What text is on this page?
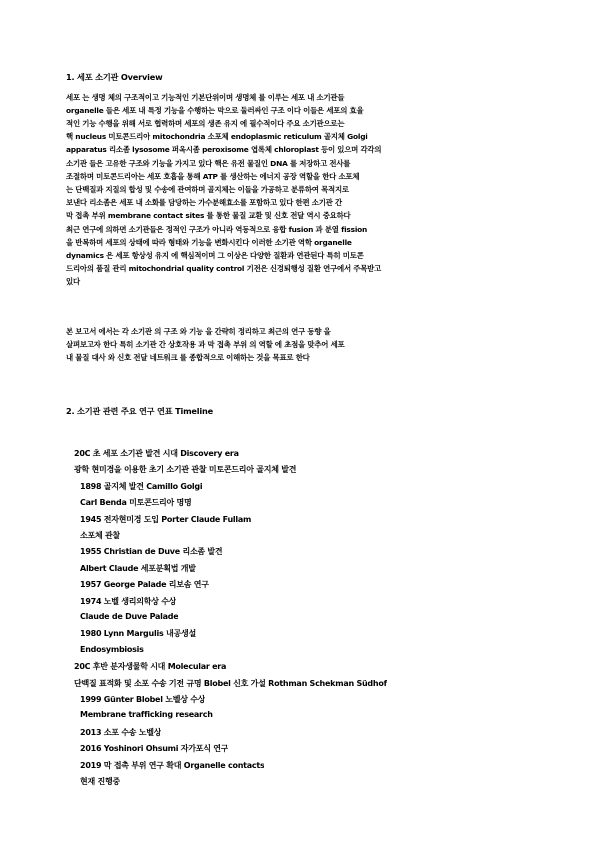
1. 세포 소기관 Overview
세포 는 생명 체의 구조적이고 기능적인 기본단위이며 생명체 를 이루는 세포 내 소기관들
organelle 들은 세포 내 특정 기능을 수행하는 막으로 둘러싸인 구조 이다 이들은 세포의 효율
적인 기능 수행을 위해 서로 협력하며 세포의 생존 유지 에 필수적이다 주요 소기관으로는
핵 nucleus 미토콘드리아 mitochondria 소포체 endoplasmic reticulum 골지체 Golgi
apparatus 리소좀 lysosome 퍼옥시좀 peroxisome 엽록체 chloroplast 등이 있으며 각각의
소기관 들은 고유한 구조와 기능을 가지고 있다 핵은 유전 물질인 DNA 를 저장하고 전사를
조절하며 미토콘드리아는 세포 호흡을 통해 ATP 를 생산하는 에너지 공장 역할을 한다 소포체
는 단백질과 지질의 합성 및 수송에 관여하며 골지체는 이들을 가공하고 분류하여 목적지로
보낸다 리소좀은 세포 내 소화를 담당하는 가수분해효소를 포함하고 있다 한편 소기관 간
막 접촉 부위 membrane contact sites 를 통한 물질 교환 및 신호 전달 역시 중요하다
최근 연구에 의하면 소기관들은 정적인 구조가 아니라 역동적으로 융합 fusion 과 분열 fission
을 반복하며 세포의 상태에 따라 형태와 기능을 변화시킨다 이러한 소기관 역학 organelle
dynamics 은 세포 항상성 유지 에 핵심적이며 그 이상은 다양한 질환과 연관된다 특히 미토콘
드리아의 품질 관리 mitochondrial quality control 기전은 신경퇴행성 질환 연구에서 주목받고
있다
본 보고서 에서는 각 소기관 의 구조 와 기능 을 간략히 정리하고 최근의 연구 동향 을
살펴보고자 한다 특히 소기관 간 상호작용 과 막 접촉 부위 의 역할 에 초점을 맞추어 세포
내 물질 대사 와 신호 전달 네트워크 를 종합적으로 이해하는 것을 목표로 한다
2. 소기관 관련 주요 연구 연표 Timeline
20C 초 세포 소기관 발견 시대 Discovery era
광학 현미경을 이용한 초기 소기관 관찰 미토콘드리아 골지체 발견
1898 골지체 발견 Camillo Golgi
Carl Benda 미토콘드리아 명명
1945 전자현미경 도입 Porter Claude Fullam
소포체 관찰
1955 Christian de Duve 리소좀 발견
Albert Claude 세포분획법 개발
1957 George Palade 리보솜 연구
1974 노벨 생리의학상 수상
Claude de Duve Palade
1980 Lynn Margulis 내공생설
Endosymbiosis
20C 후반 분자생물학 시대 Molecular era
단백질 표적화 및 소포 수송 기전 규명 Blobel 신호 가설 Rothman Schekman Südhof
1999 Günter Blobel 노벨상 수상
Membrane trafficking research
2013 소포 수송 노벨상
2016 Yoshinori Ohsumi 자가포식 연구
2019 막 접촉 부위 연구 확대 Organelle contacts
현재 진행중
